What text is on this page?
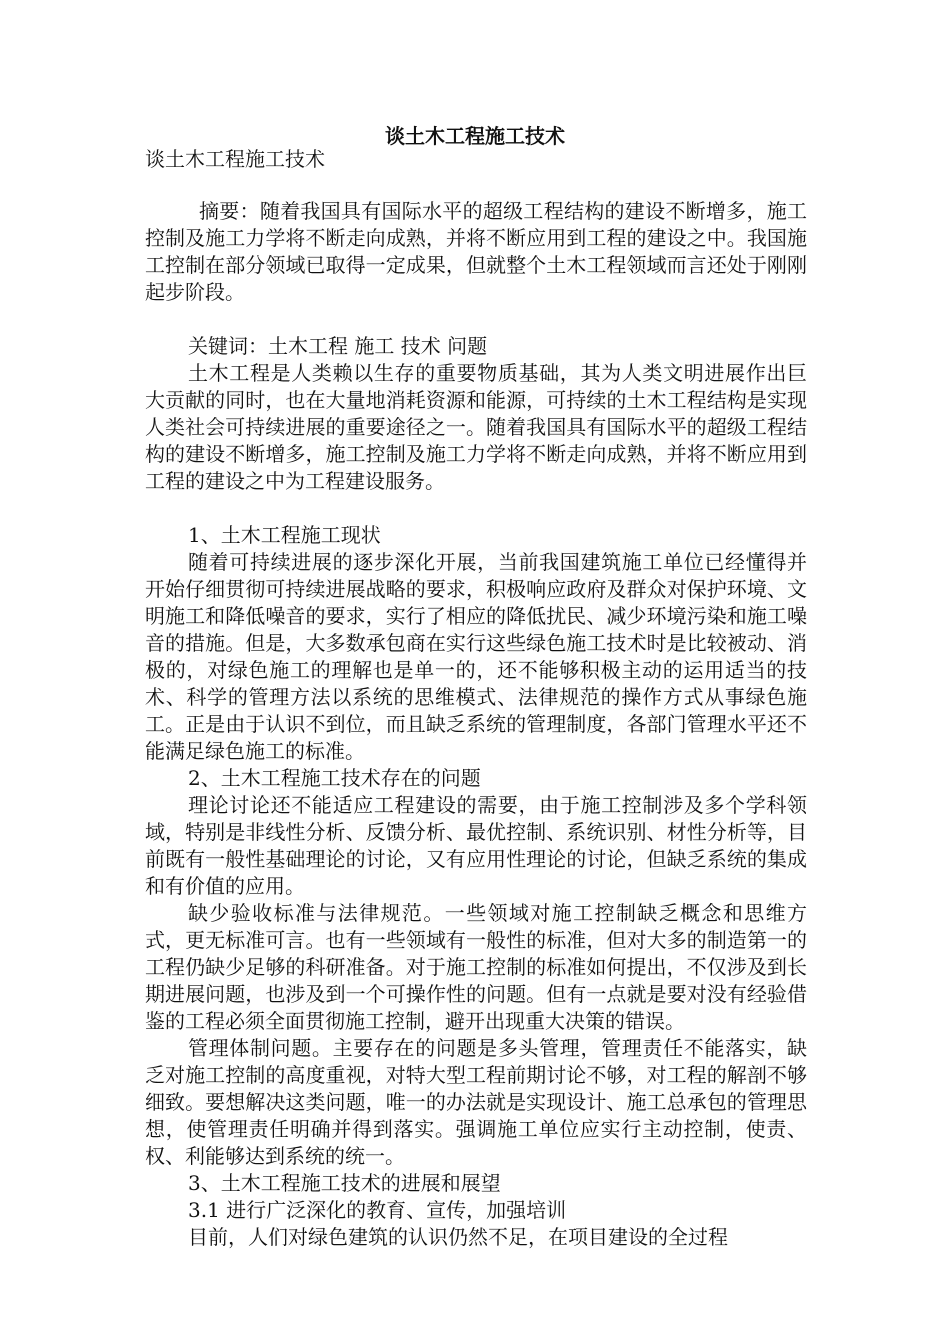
谈土木工程施工技术

谈土木工程施工技术

摘要：随着我国具有国际水平的超级工程结构的建设不断增多，施工控制及施工力学将不断走向成熟，并将不断应用到工程的建设之中。我国施工控制在部分领域已取得一定成果，但就整个土木工程领域而言还处于刚刚起步阶段。

关键词：土木工程 施工 技术 问题

土木工程是人类赖以生存的重要物质基础，其为人类文明进展作出巨大贡献的同时，也在大量地消耗资源和能源，可持续的土木工程结构是实现人类社会可持续进展的重要途径之一。随着我国具有国际水平的超级工程结构的建设不断增多，施工控制及施工力学将不断走向成熟，并将不断应用到工程的建设之中为工程建设服务。

1、土木工程施工现状

随着可持续进展的逐步深化开展，当前我国建筑施工单位已经懂得并开始仔细贯彻可持续进展战略的要求，积极响应政府及群众对保护环境、文明施工和降低噪音的要求，实行了相应的降低扰民、减少环境污染和施工噪音的措施。但是，大多数承包商在实行这些绿色施工技术时是比较被动、消极的，对绿色施工的理解也是单一的，还不能够积极主动的运用适当的技术、科学的管理方法以系统的思维模式、法律规范的操作方式从事绿色施工。正是由于认识不到位，而且缺乏系统的管理制度，各部门管理水平还不能满足绿色施工的标准。

2、土木工程施工技术存在的问题

理论讨论还不能适应工程建设的需要，由于施工控制涉及多个学科领域，特别是非线性分析、反馈分析、最优控制、系统识别、材性分析等，目前既有一般性基础理论的讨论，又有应用性理论的讨论，但缺乏系统的集成和有价值的应用。

缺少验收标准与法律规范。一些领域对施工控制缺乏概念和思维方式，更无标准可言。也有一些领域有一般性的标准，但对大多的制造第一的工程仍缺少足够的科研准备。对于施工控制的标准如何提出，不仅涉及到长期进展问题，也涉及到一个可操作性的问题。但有一点就是要对没有经验借鉴的工程必须全面贯彻施工控制，避开出现重大决策的错误。

管理体制问题。主要存在的问题是多头管理，管理责任不能落实，缺乏对施工控制的高度重视，对特大型工程前期讨论不够，对工程的解剖不够细致。要想解决这类问题，唯一的办法就是实现设计、施工总承包的管理思想，使管理责任明确并得到落实。强调施工单位应实行主动控制，使责、权、利能够达到系统的统一。

3、土木工程施工技术的进展和展望

3.1 进行广泛深化的教育、宣传，加强培训

目前，人们对绿色建筑的认识仍然不足，在项目建设的全过程
